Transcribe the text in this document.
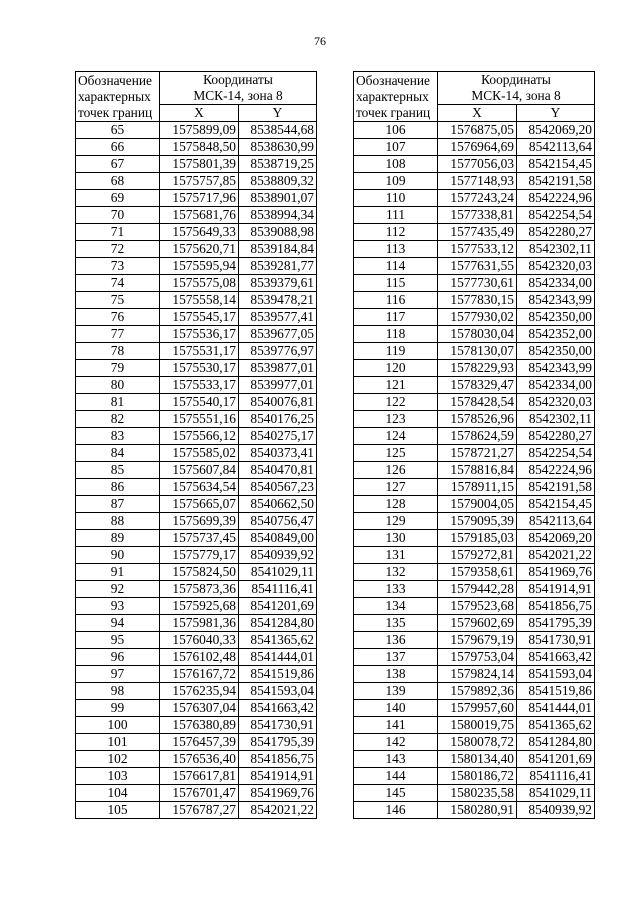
76
Обозначение
характерных
точек границ	Координаты
МСК-14, зона 8	

	X	Y
65	1575899,09	8538544,68
66	1575848,50	8538630,99
67	1575801,39	8538719,25
68	1575757,85	8538809,32
69	1575717,96	8538901,07
70	1575681,76	8538994,34
71	1575649,33	8539088,98
72	1575620,71	8539184,84
73	1575595,94	8539281,77
74	1575575,08	8539379,61
75	1575558,14	8539478,21
76	1575545,17	8539577,41
77	1575536,17	8539677,05
78	1575531,17	8539776,97
79	1575530,17	8539877,01
80	1575533,17	8539977,01
81	1575540,17	8540076,81
82	1575551,16	8540176,25
83	1575566,12	8540275,17
84	1575585,02	8540373,41
85	1575607,84	8540470,81
86	1575634,54	8540567,23
87	1575665,07	8540662,50
88	1575699,39	8540756,47
89	1575737,45	8540849,00
90	1575779,17	8540939,92
91	1575824,50	8541029,11
92	1575873,36	8541116,41
93	1575925,68	8541201,69
94	1575981,36	8541284,80
95	1576040,33	8541365,62
96	1576102,48	8541444,01
97	1576167,72	8541519,86
98	1576235,94	8541593,04
99	1576307,04	8541663,42
100	1576380,89	8541730,91
101	1576457,39	8541795,39
102	1576536,40	8541856,75
103	1576617,81	8541914,91
104	1576701,47	8541969,76
105	1576787,27	8542021,22
Обозначение
характерных
точек границ	Координаты
МСК-14, зона 8	

	X	Y
106	1576875,05	8542069,20
107	1576964,69	8542113,64
108	1577056,03	8542154,45
109	1577148,93	8542191,58
110	1577243,24	8542224,96
111	1577338,81	8542254,54
112	1577435,49	8542280,27
113	1577533,12	8542302,11
114	1577631,55	8542320,03
115	1577730,61	8542334,00
116	1577830,15	8542343,99
117	1577930,02	8542350,00
118	1578030,04	8542352,00
119	1578130,07	8542350,00
120	1578229,93	8542343,99
121	1578329,47	8542334,00
122	1578428,54	8542320,03
123	1578526,96	8542302,11
124	1578624,59	8542280,27
125	1578721,27	8542254,54
126	1578816,84	8542224,96
127	1578911,15	8542191,58
128	1579004,05	8542154,45
129	1579095,39	8542113,64
130	1579185,03	8542069,20
131	1579272,81	8542021,22
132	1579358,61	8541969,76
133	1579442,28	8541914,91
134	1579523,68	8541856,75
135	1579602,69	8541795,39
136	1579679,19	8541730,91
137	1579753,04	8541663,42
138	1579824,14	8541593,04
139	1579892,36	8541519,86
140	1579957,60	8541444,01
141	1580019,75	8541365,62
142	1580078,72	8541284,80
143	1580134,40	8541201,69
144	1580186,72	8541116,41
145	1580235,58	8541029,11
146	1580280,91	8540939,92
